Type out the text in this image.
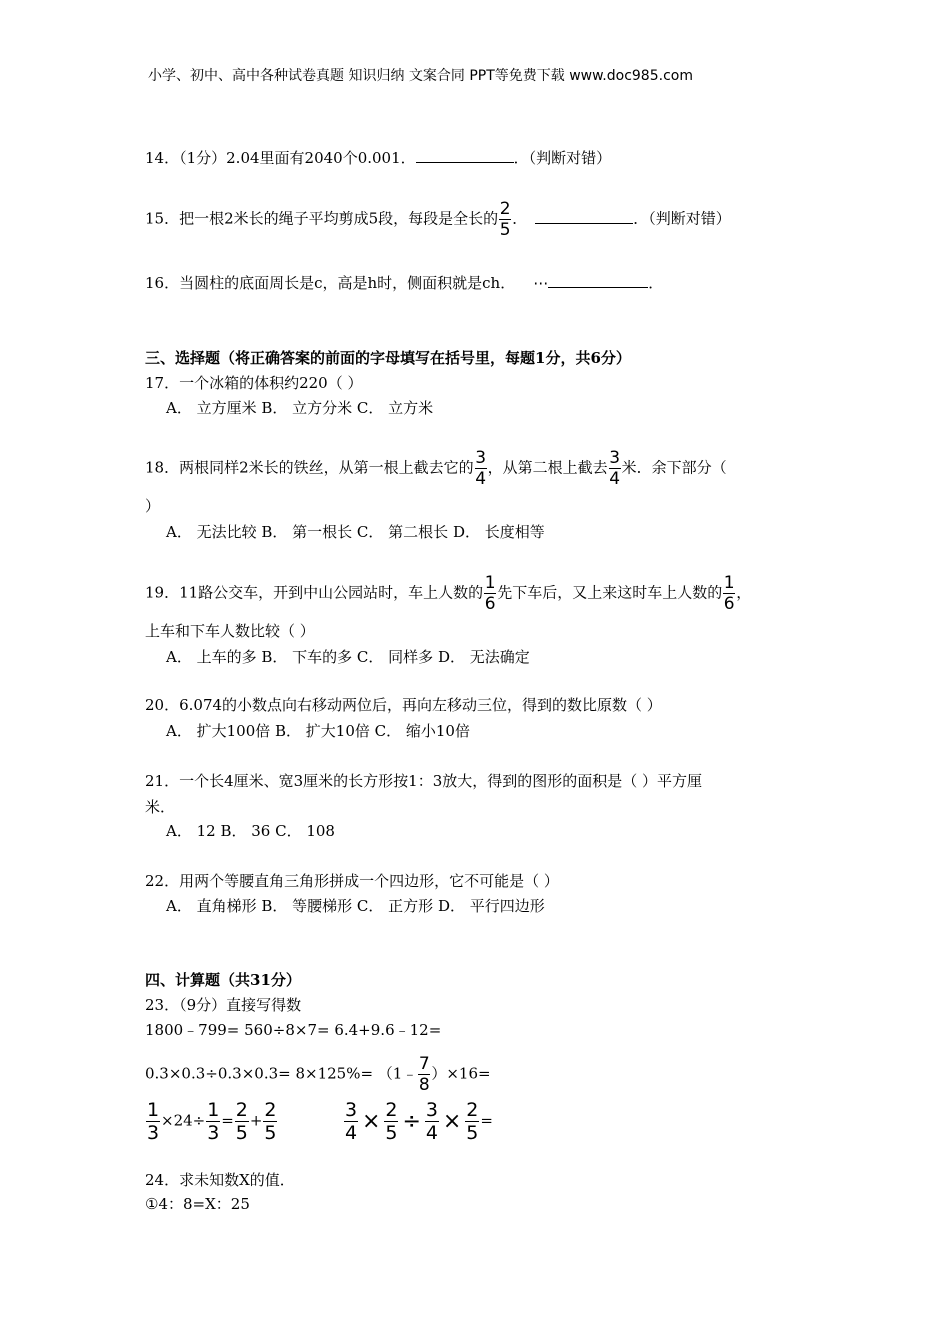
小学、初中、高中各种试卷真题 知识归纳 文案合同 PPT等免费下载 www.doc985.com
14．（1分）2.04里面有2040个0.001．	．（判断对错）
15．把一根2米长的绳子平均剪成5段，每段是全长的 $\frac{2}{5}$ ．	．（判断对错）
16．当圆柱的底面周长是c，高是h时，侧面积就是ch． ⋯	．
三、选择题（将正确答案的前面的字母填写在括号里，每题1分，共6分）
17．一个冰箱的体积约220（ ）
A． 立方厘米 B． 立方分米 C． 立方米
18．两根同样2米长的铁丝，从第一根上截去它的 $\frac{3}{4}$ ，从第二根上截去 $\frac{3}{4}$ 米．余下部分（
）
A． 无法比较 B． 第一根长 C． 第二根长 D． 长度相等
19．11路公交车，开到中山公园站时，车上人数的 $\frac{1}{6}$ 先下车后，又上来这时车上人数的 $\frac{1}{6}$ ，
上车和下车人数比较（ ）
A． 上车的多 B． 下车的多 C． 同样多 D． 无法确定
20．6.074的小数点向右移动两位后，再向左移动三位，得到的数比原数（ ）
A． 扩大100倍 B． 扩大10倍 C． 缩小10倍
21．一个长4厘米、宽3厘米的长方形按1：3放大，得到的图形的面积是（ ）平方厘
米．
A． 12 B． 36 C． 108
22．用两个等腰直角三角形拼成一个四边形，它不可能是（ ）
A． 直角梯形 B． 等腰梯形 C． 正方形 D． 平行四边形
四、计算题（共31分）
23．（9分）直接写得数
1800﹣799= 560÷8×7= 6.4+9.6﹣12=
0.3×0.3÷0.3×0.3= 8×125%= （1﹣ $\frac{7}{8} )\times 16=$
$\frac{1}{3} \times 24\div \frac{1}{3} = \frac{2}{5} + \frac{2}{5}$	$\frac{3}{4} \times \frac{2}{5} \div \frac{3}{4} \times \frac{2}{5}$ =
24．求未知数X的值．
①4：8=X：25
